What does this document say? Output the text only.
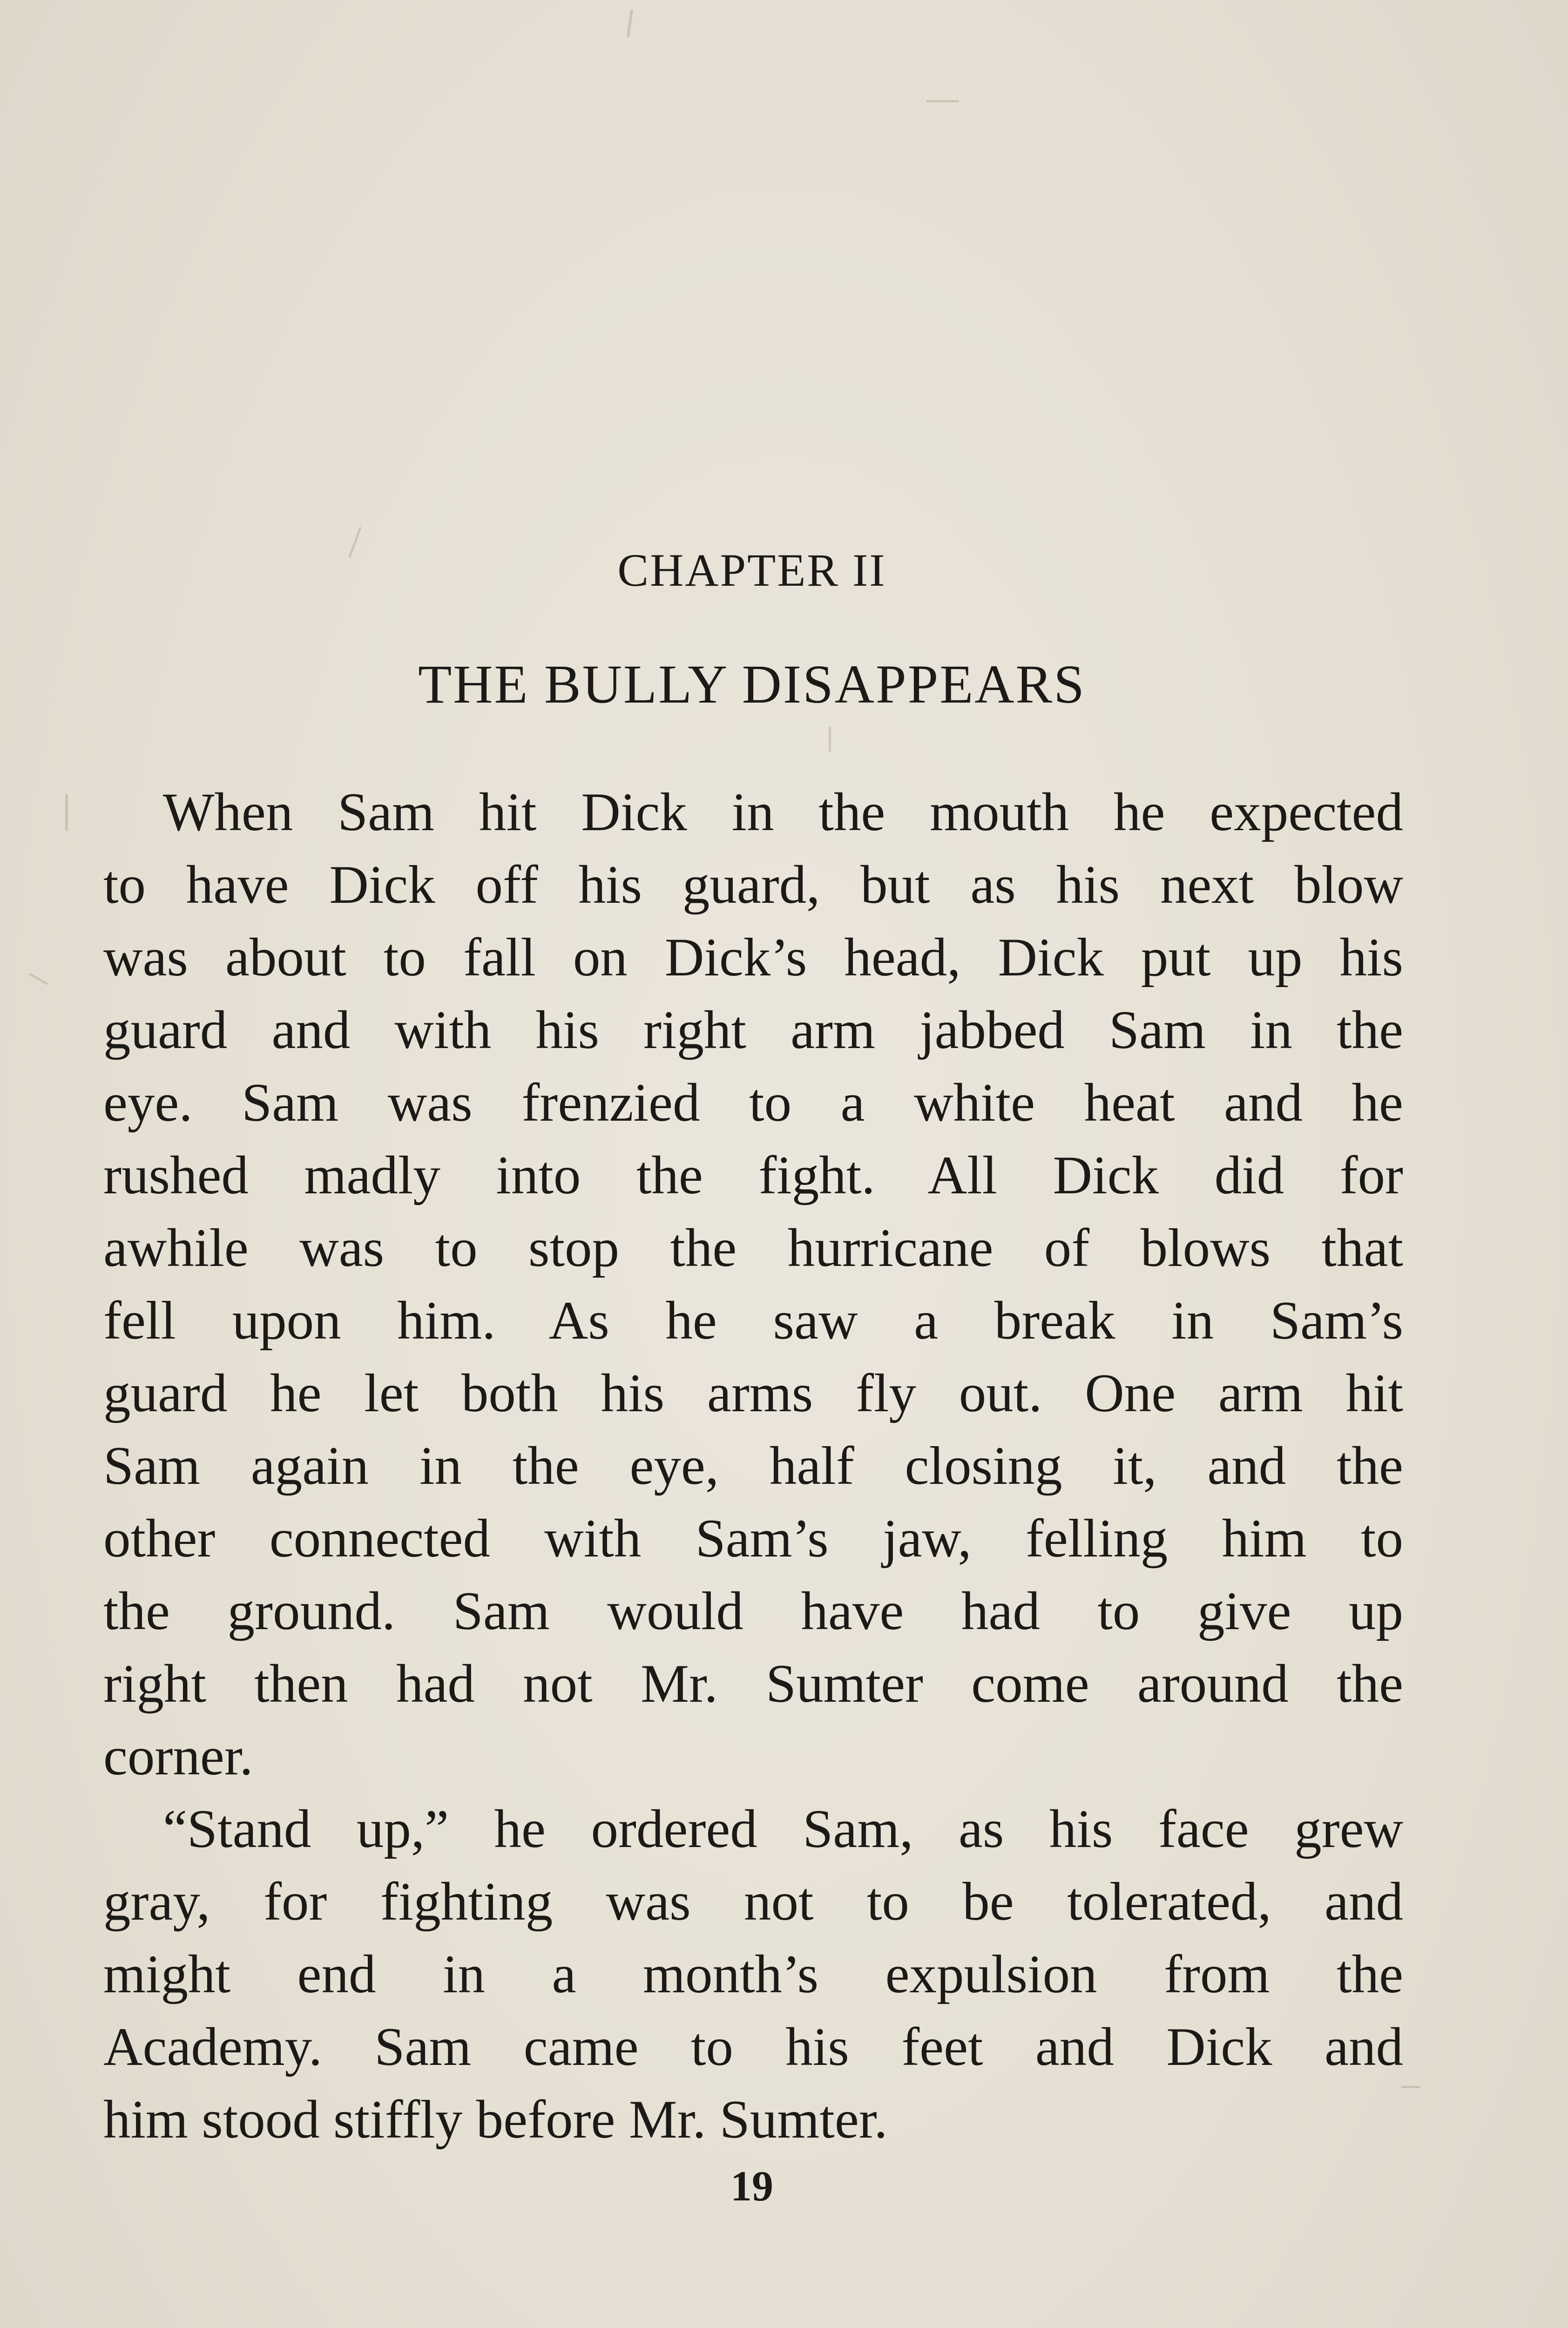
CHAPTER II
THE BULLY DISAPPEARS
When Sam hit Dick in the mouth he expected
to have Dick off his guard, but as his next blow
was about to fall on Dick’s head, Dick put up his
guard and with his right arm jabbed Sam in the
eye. Sam was frenzied to a white heat and he
rushed madly into the fight. All Dick did for
awhile was to stop the hurricane of blows that
fell upon him. As he saw a break in Sam’s
guard he let both his arms fly out. One arm hit
Sam again in the eye, half closing it, and the
other connected with Sam’s jaw, felling him to
the ground. Sam would have had to give up
right then had not Mr. Sumter come around the
corner.
“Stand up,” he ordered Sam, as his face grew
gray, for fighting was not to be tolerated, and
might end in a month’s expulsion from the
Academy. Sam came to his feet and Dick and
him stood stiffly before Mr. Sumter.
19
